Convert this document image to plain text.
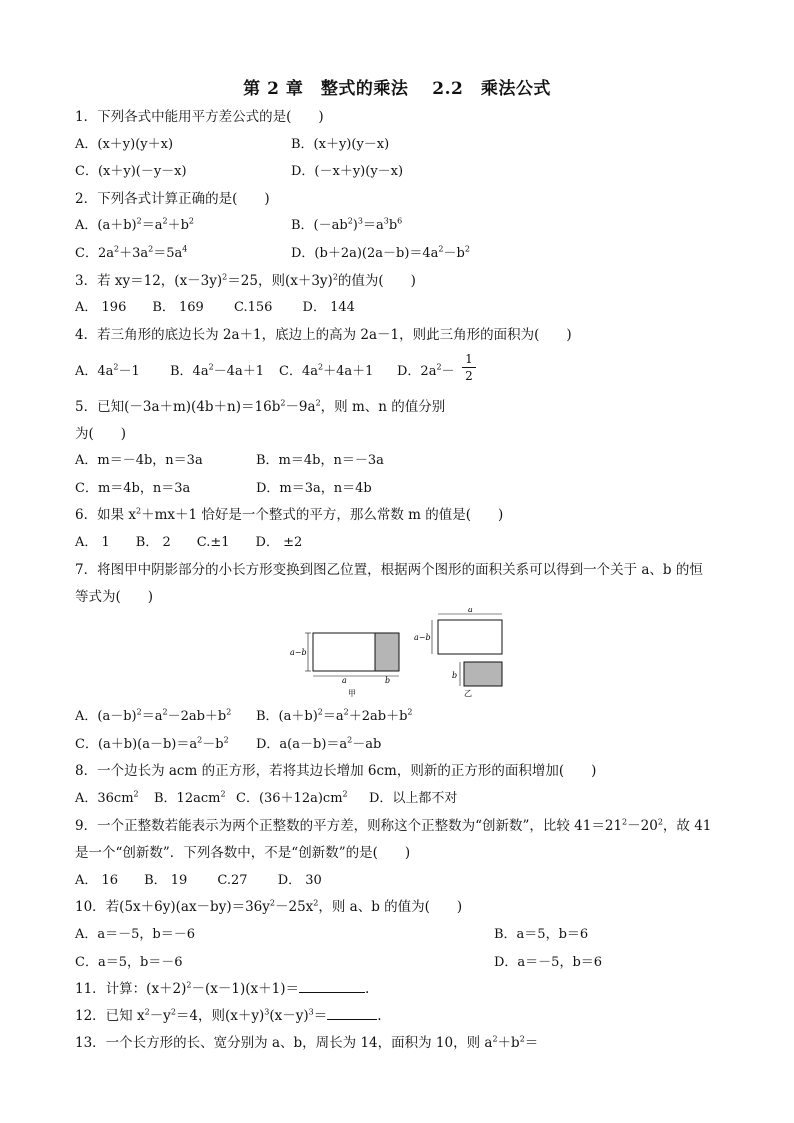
第 2 章　整式的乘法　 2.2　乘法公式
1．下列各式中能用平方差公式的是(　　)
A．(x＋y)(y＋x)	B．(x＋y)(y－x)
C．(x＋y)(－y－x)	D．(－x＋y)(y－x)
2．下列各式计算正确的是(　　)
A．$(a+b)^2=a^2+b^2$	B．$(-ab^2)^3=a^3b^6$
C．$2a^2+3a^2=5a^4$	D．$(b+2a)(2a-b)=4a^2-b^2$
3．若 xy＝12，$(x-3y)^2=25$，则$(x+3y)^2$的值为(　　)
A． 196　　B． 169　　 C.156　　 D． 144
4．若三角形的底边长为 2a＋1，底边上的高为 2a－1，则此三角形的面积为(　　)
A．$4a^2-1$ B．$4a^2-4a+1$ C．$4a^2+4a+1$ D．$2a^2-$
1
2
5．已知$(-3a+m)(4b+n)=16b^2-9a^2$，则 m、n 的值分别
为(　　)
A．m＝－4b，n＝3a	B．m＝4b，n＝－3a
C．m＝4b，n＝3a	D．m＝3a，n＝4b
6．如果 $x^2+mx+1$ 恰好是一个整式的平方，那么常数 m 的值是(　　)
A． 1　　B． 2　　C.±1　　D． ±2
7．将图甲中阴影部分的小长方形变换到图乙位置，根据两个图形的面积关系可以得到一个关于 a、b 的恒
等式为(　　)
a−b
a	b
甲
a
a−b
b
乙
A．$(a-b)^2=a^2-2ab+b^2$ B．$(a+b)^2=a^2+2ab+b^2$
C．$(a+b)(a-b)=a^2-b^2$ D．$a(a-b)=a^2-ab$
8．一个边长为 acm 的正方形，若将其边长增加 6cm，则新的正方形的面积增加(　　)
A．$36cm^2$ B．12acm$^2$ C．$(36+12a)cm^2$ D．以上都不对
9．一个正整数若能表示为两个正整数的平方差，则称这个正整数为“创新数”，比较 $41=21^2-20^2$，故 41
是一个“创新数”．下列各数中，不是“创新数”的是(　　)
A． 16　　B． 19　　 C.27　　 D． 30
10．若$(5x+6y)(ax-by)=36y^2-25x^2$，则 a、b 的值为(　　)
A．a＝－5，b＝－6	B．a＝5，b＝6
C．a＝5，b＝－6	D．a＝－5，b＝6
11．计算：$(x+2)^2-(x-1)(x+1)=$	.
12．已知 $x^2-y^2=4$，则$(x+y)^3(x-y)^3=$	.
13．一个长方形的长、宽分别为 a、b，周长为 14，面积为 10，则 $a^2+b^2=$
